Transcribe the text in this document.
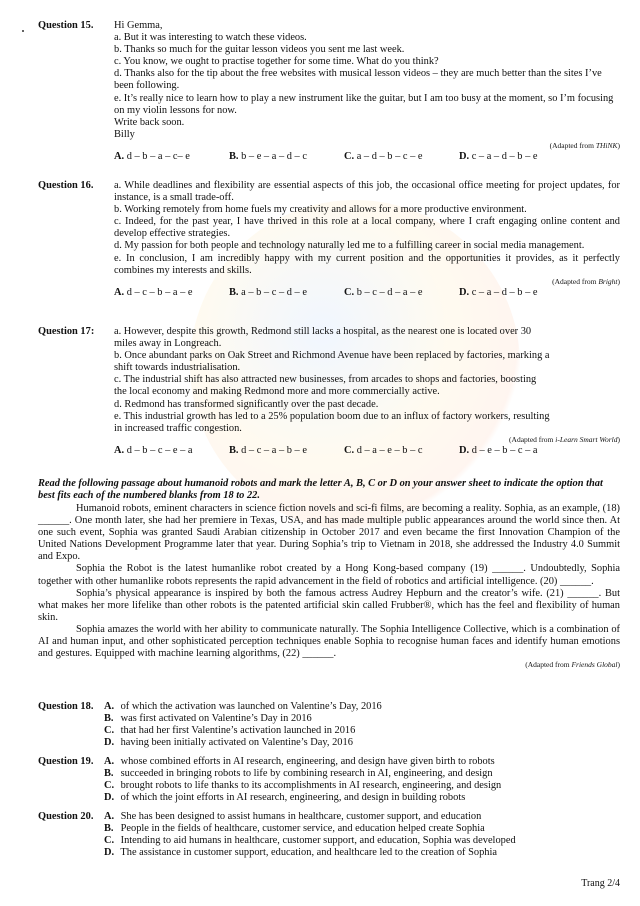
Question 15.	Hi Gemma,
a. But it was interesting to watch these videos.
b. Thanks so much for the guitar lesson videos you sent me last week.
c. You know, we ought to practise together for some time. What do you think?
d. Thanks also for the tip about the free websites with musical lesson videos – they are much better than the sites I’ve been following.
e. It’s really nice to learn how to play a new instrument like the guitar, but I am too busy at the moment, so I’m focusing on my violin lessons for now.
Write back soon.
Billy
(Adapted from THiNK)
A. d – b – a – c– e	B. b – e – a – d – c	C. a – d – b – c – e	D. c – a – d – b – e
Question 16.	a. While deadlines and flexibility are essential aspects of this job, the occasional office meeting for project updates, for instance, is a small trade-off.
b. Working remotely from home fuels my creativity and allows for a more productive environment.
c. Indeed, for the past year, I have thrived in this role at a local company, where I craft engaging online content and develop effective strategies.
d. My passion for both people and technology naturally led me to a fulfilling career in social media management.
e. In conclusion, I am incredibly happy with my current position and the opportunities it provides, as it perfectly combines my interests and skills.
(Adapted from Bright)
A. d – c – b – a – e	B. a – b – c – d – e	C. b – c – d – a – e	D. c – a – d – b – e
Question 17:	a. However, despite this growth, Redmond still lacks a hospital, as the nearest one is located over 30 miles away in Longreach.
b. Once abundant parks on Oak Street and Richmond Avenue have been replaced by factories, marking a shift towards industrialisation.
c. The industrial shift has also attracted new businesses, from arcades to shops and factories, boosting the local economy and making Redmond more and more commercially active.
d. Redmond has transformed significantly over the past decade.
e. This industrial growth has led to a 25% population boom due to an influx of factory workers, resulting in increased traffic congestion.
(Adapted from i-Learn Smart World)
A. d – b – c – e – a	B. d – c – a – b – e	C. d – a – e – b – c	D. d – e – b – c – a
Read the following passage about humanoid robots and mark the letter A, B, C or D on your answer sheet to indicate the option that best fits each of the numbered blanks from 18 to 22.

Humanoid robots, eminent characters in science fiction novels and sci-fi films, are becoming a reality. Sophia, as an example, (18) ______. One month later, she had her premiere in Texas, USA, and has made multiple public appearances around the world since then. At one such event, Sophia was granted Saudi Arabian citizenship in October 2017 and even became the first Innovation Champion of the United Nations Development Programme later that year. During Sophia’s trip to Vietnam in 2018, she addressed the Industry 4.0 Summit and Expo.

Sophia the Robot is the latest humanlike robot created by a Hong Kong-based company (19) ______. Undoubtedly, Sophia together with other humanlike robots represents the rapid advancement in the field of robotics and artificial intelligence. (20) ______.

Sophia’s physical appearance is inspired by both the famous actress Audrey Hepburn and the creator’s wife. (21) ______. But what makes her more lifelike than other robots is the patented artificial skin called Frubber®, which has the feel and flexibility of human skin.

Sophia amazes the world with her ability to communicate naturally. The Sophia Intelligence Collective, which is a combination of AI and human input, and other sophisticated perception techniques enable Sophia to recognise human faces and identify human emotions and gestures. Equipped with machine learning algorithms, (22) ______.

(Adapted from Friends Global)
Question 18. A. of which the activation was launched on Valentine’s Day, 2016
B. was first activated on Valentine’s Day in 2016
C. that had her first Valentine’s activation launched in 2016
D. having been initially activated on Valentine’s Day, 2016
Question 19. A. whose combined efforts in AI research, engineering, and design have given birth to robots
B. succeeded in bringing robots to life by combining research in AI, engineering, and design
C. brought robots to life thanks to its accomplishments in AI research, engineering, and design
D. of which the joint efforts in AI research, engineering, and design in building robots
Question 20. A. She has been designed to assist humans in healthcare, customer support, and education
B. People in the fields of healthcare, customer service, and education helped create Sophia
C. Intending to aid humans in healthcare, customer support, and education, Sophia was developed
D. The assistance in customer support, education, and healthcare led to the creation of Sophia
Trang 2/4
